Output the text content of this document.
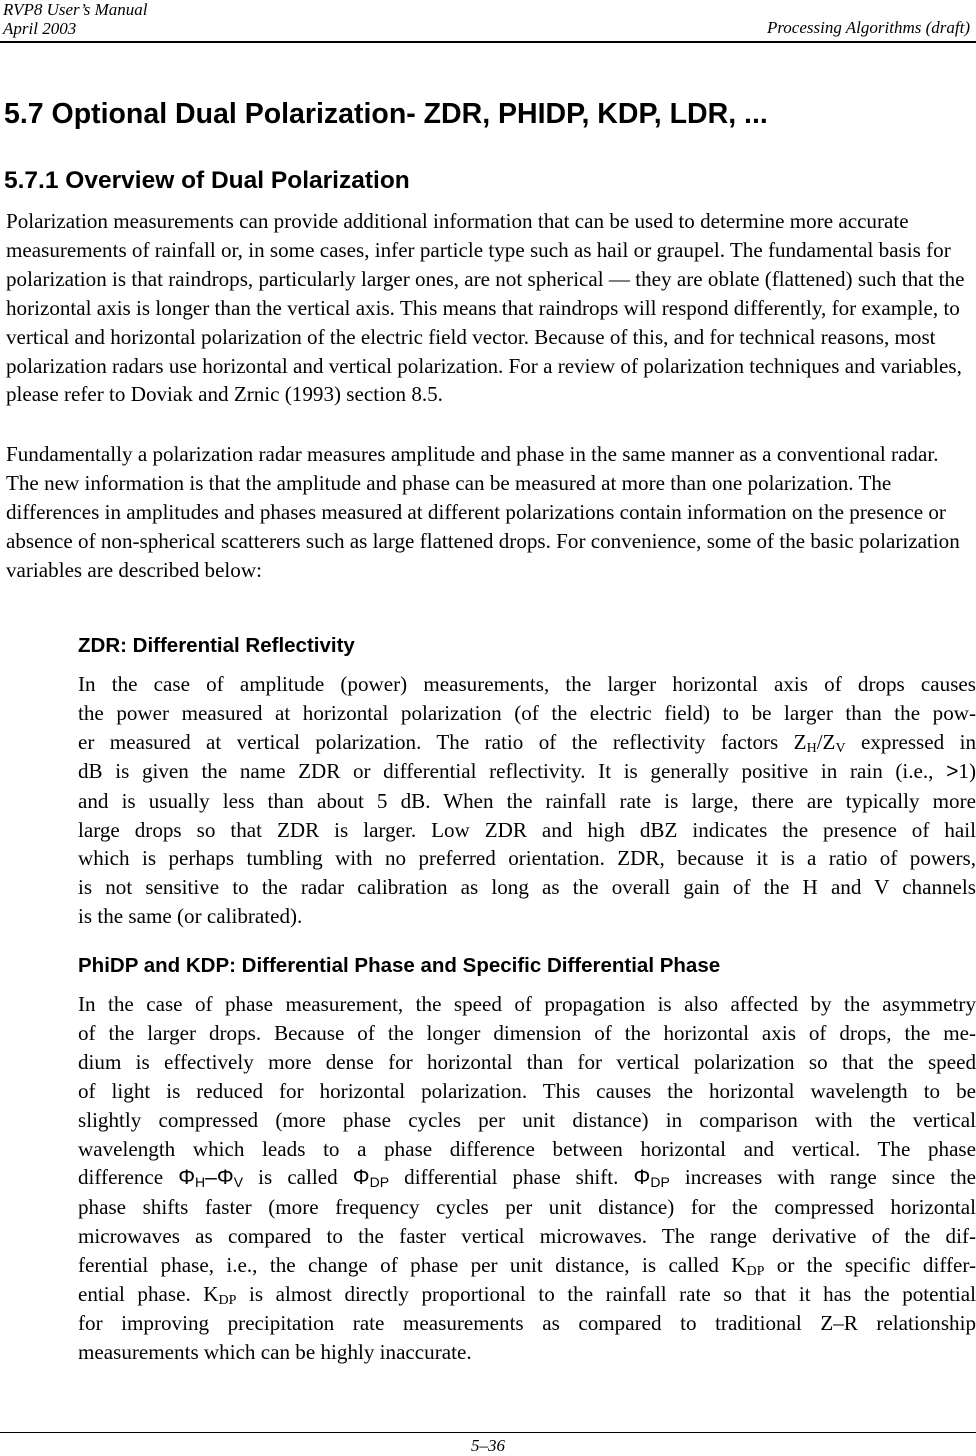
RVP8 User’s Manual
April 2003	Processing Algorithms (draft)
5.7 Optional Dual Polarization- ZDR, PHIDP, KDP, LDR, ...
5.7.1 Overview of Dual Polarization

Polarization measurements can provide additional information that can be used to determine more accurate measurements of rainfall or, in some cases, infer particle type such as hail or graupel. The fundamental basis for polarization is that raindrops, particularly larger ones, are not spherical — they are oblate (flattened) such that the horizontal axis is longer than the vertical axis. This means that raindrops will respond differently, for example, to vertical and horizontal polarization of the electric field vector. Because of this, and for technical reasons, most polarization radars use horizontal and vertical polarization. For a review of polarization techniques and variables, please refer to Doviak and Zrnic (1993) section 8.5.

Fundamentally a polarization radar measures amplitude and phase in the same manner as a conventional radar. The new information is that the amplitude and phase can be measured at more than one polarization. The differences in amplitudes and phases measured at different polarizations contain information on the presence or absence of non-spherical scatterers such as large flattened drops. For convenience, some of the basic polarization variables are described below:

ZDR: Differential Reflectivity
In the case of amplitude (power) measurements, the larger horizontal axis of drops causes
the power measured at horizontal polarization (of the electric field) to be larger than the pow-
er measured at vertical polarization. The ratio of the reflectivity factors $Z_H/Z_V$ expressed in
dB is given the name ZDR or differential reflectivity. It is generally positive in rain (i.e., >1)
and is usually less than about 5 dB. When the rainfall rate is large, there are typically more
large drops so that ZDR is larger. Low ZDR and high dBZ indicates the presence of hail
which is perhaps tumbling with no preferred orientation. ZDR, because it is a ratio of powers,
is not sensitive to the radar calibration as long as the overall gain of the H and V channels
is the same (or calibrated).
PhiDP and KDP: Differential Phase and Specific Differential Phase
In the case of phase measurement, the speed of propagation is also affected by the asymmetry
of the larger drops. Because of the longer dimension of the horizontal axis of drops, the me-
dium is effectively more dense for horizontal than for vertical polarization so that the speed
of light is reduced for horizontal polarization. This causes the horizontal wavelength to be
slightly compressed (more phase cycles per unit distance) in comparison with the vertical
wavelength which leads to a phase difference between horizontal and vertical. The phase
difference $\Phi_H-\Phi_V$ is called $\Phi_{DP}$ differential phase shift. $\Phi_{DP}$ increases with range since the
phase shifts faster (more frequency cycles per unit distance) for the compressed horizontal
microwaves as compared to the faster vertical microwaves. The range derivative of the dif-
ferential phase, i.e., the change of phase per unit distance, is called $K_{DP}$ or the specific differ-
ential phase. $K_{DP}$ is almost directly proportional to the rainfall rate so that it has the potential
for improving precipitation rate measurements as compared to traditional Z–R relationship
measurements which can be highly inaccurate.
5–36
